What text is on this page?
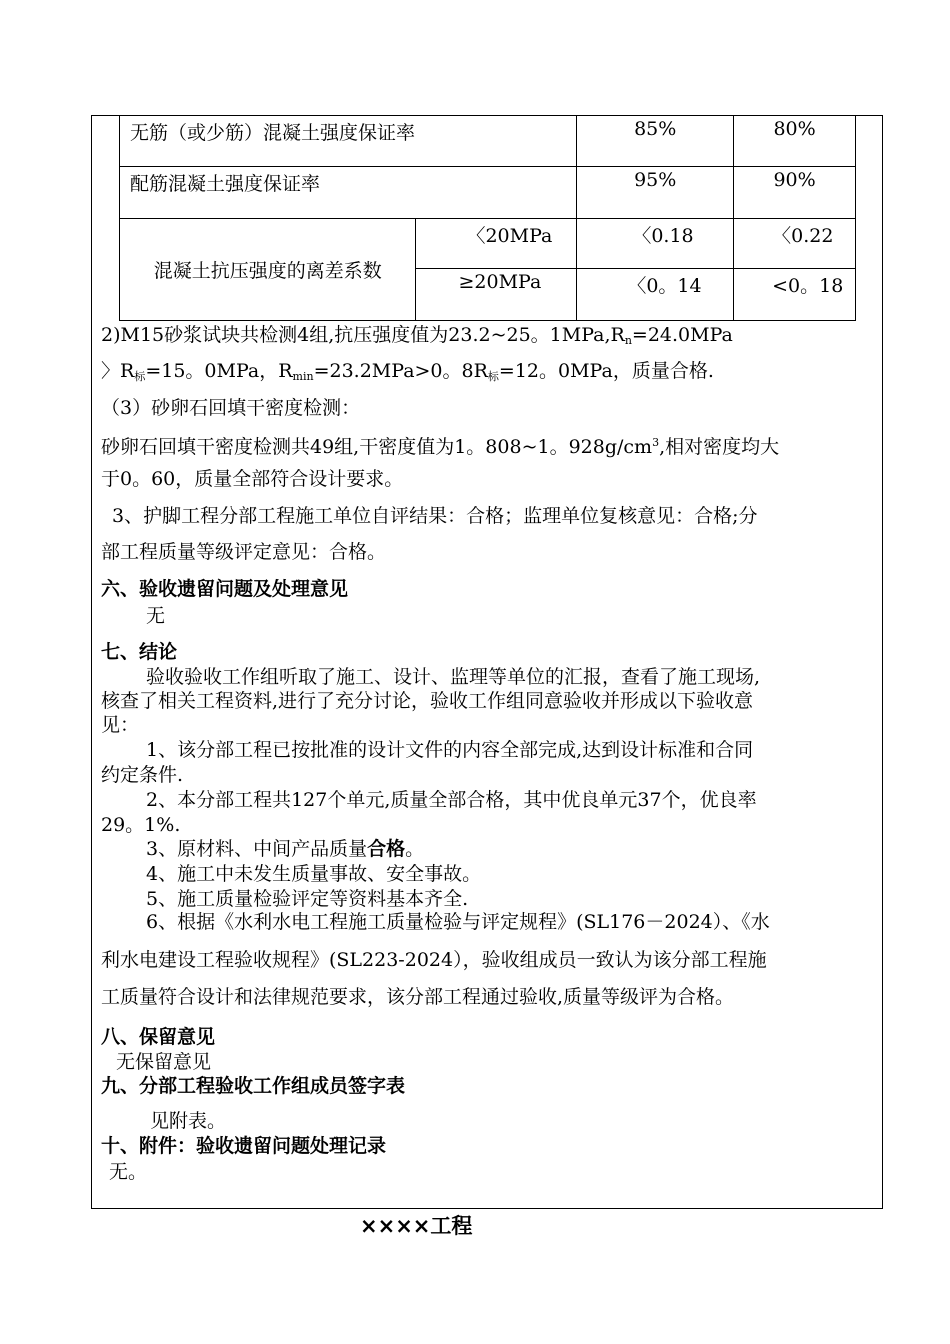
无筋（或少筋）混凝土强度保证率		85%	80%
配筋混凝土强度保证率		95%	90%
混凝土抗压强度的离差系数	〈20MPa	〈0.18	〈0.22
	≥20MPa	〈0。14	<0。18
2)M15砂浆试块共检测4组,抗压强度值为23.2~25。$1MPa,R_n=24.0MPa$
〉$R_标=15$。0MPa，$R_{min}=23.2MPa>0$。$8R_标=12$。0MPa，质量合格.
（3）砂卵石回填干密度检测：
砂卵石回填干密度检测共49组,干密度值为1。808~1。$928g/cm^3$,相对密度均大
于0。60，质量全部符合设计要求。
3、护脚工程分部工程施工单位自评结果：合格；监理单位复核意见：合格;分
部工程质量等级评定意见：合格。
六、验收遗留问题及处理意见
无
七、结论
验收验收工作组听取了施工、设计、监理等单位的汇报，查看了施工现场,
核查了相关工程资料,进行了充分讨论，验收工作组同意验收并形成以下验收意
见：
1、该分部工程已按批准的设计文件的内容全部完成,达到设计标准和合同
约定条件.
2、本分部工程共127个单元,质量全部合格，其中优良单元37个，优良率
29。1%.
3、原材料、中间产品质量合格。
4、施工中未发生质量事故、安全事故。
5、施工质量检验评定等资料基本齐全.
6、根据《水利水电工程施工质量检验与评定规程》(SL176－2024）、《水
利水电建设工程验收规程》(SL223-2024），验收组成员一致认为该分部工程施
工质量符合设计和法律规范要求，该分部工程通过验收,质量等级评为合格。
八、保留意见
无保留意见
九、分部工程验收工作组成员签字表
见附表。
十、附件：验收遗留问题处理记录
无。
××××工程
